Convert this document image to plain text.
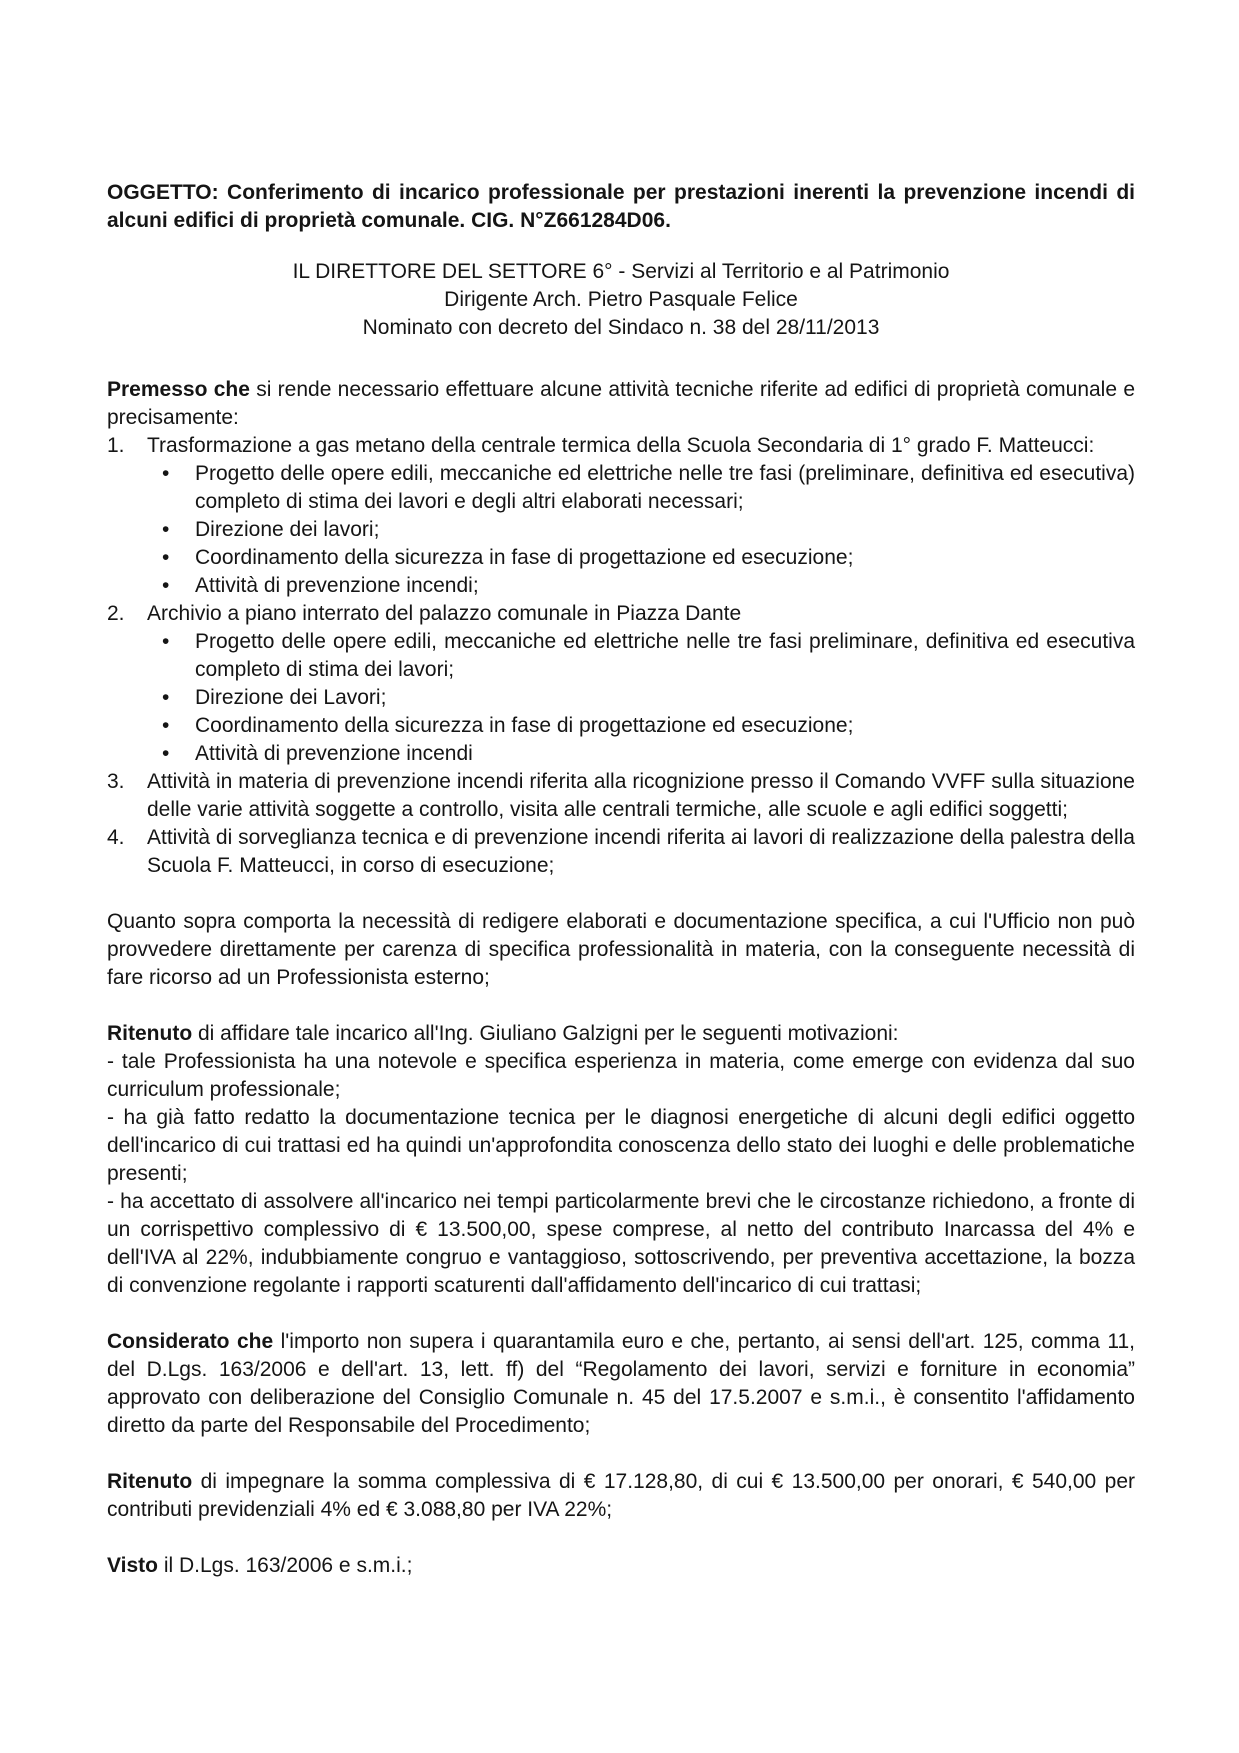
OGGETTO: Conferimento di incarico professionale per prestazioni inerenti la prevenzione incendi di alcuni edifici di proprietà comunale. CIG. N°Z661284D06.

IL DIRETTORE DEL SETTORE 6° - Servizi al Territorio e al Patrimonio
Dirigente Arch. Pietro Pasquale Felice
Nominato con decreto del Sindaco n. 38 del 28/11/2013

Premesso che si rende necessario effettuare alcune attività tecniche riferite ad edifici di proprietà comunale e precisamente:

1.	Trasformazione a gas metano della centrale termica della Scuola Secondaria di 1° grado F. Matteucci:
•	Progetto delle opere edili, meccaniche ed elettriche nelle tre fasi (preliminare, definitiva ed esecutiva) completo di stima dei lavori e degli altri elaborati necessari;
•	Direzione dei lavori;
•	Coordinamento della sicurezza in fase di progettazione ed esecuzione;
•	Attività di prevenzione incendi;
2.	Archivio a piano interrato del palazzo comunale in Piazza Dante
•	Progetto delle opere edili, meccaniche ed elettriche nelle tre fasi preliminare, definitiva ed esecutiva completo di stima dei lavori;
•	Direzione dei Lavori;
•	Coordinamento della sicurezza in fase di progettazione ed esecuzione;
•	Attività di prevenzione incendi
3.	Attività in materia di prevenzione incendi riferita alla ricognizione presso il Comando VVFF sulla situazione delle varie attività soggette a controllo, visita alle centrali termiche, alle scuole e agli edifici soggetti;
4.	Attività di sorveglianza tecnica e di prevenzione incendi riferita ai lavori di realizzazione della palestra della Scuola F. Matteucci, in corso di esecuzione;

Quanto sopra comporta la necessità di redigere elaborati e documentazione specifica, a cui l'Ufficio non può provvedere direttamente per carenza di specifica professionalità in materia, con la conseguente necessità di fare ricorso ad un Professionista esterno;

Ritenuto di affidare tale incarico all'Ing. Giuliano Galzigni per le seguenti motivazioni:

- tale Professionista ha una notevole e specifica esperienza in materia, come emerge con evidenza dal suo curriculum professionale;

- ha già fatto redatto la documentazione tecnica per le diagnosi energetiche di alcuni degli edifici oggetto dell'incarico di cui trattasi ed ha quindi un'approfondita conoscenza dello stato dei luoghi e delle problematiche presenti;

- ha accettato di assolvere all'incarico nei tempi particolarmente brevi che le circostanze richiedono, a fronte di un corrispettivo complessivo di € 13.500,00, spese comprese, al netto del contributo Inarcassa del 4% e dell'IVA al 22%, indubbiamente congruo e vantaggioso, sottoscrivendo, per preventiva accettazione, la bozza di convenzione regolante i rapporti scaturenti dall'affidamento dell'incarico di cui trattasi;

Considerato che l'importo non supera i quarantamila euro e che, pertanto, ai sensi dell'art. 125, comma 11, del D.Lgs. 163/2006 e dell'art. 13, lett. ff) del “Regolamento dei lavori, servizi e forniture in economia” approvato con deliberazione del Consiglio Comunale n. 45 del 17.5.2007 e s.m.i., è consentito l'affidamento diretto da parte del Responsabile del Procedimento;

Ritenuto di impegnare la somma complessiva di € 17.128,80, di cui € 13.500,00 per onorari, € 540,00 per contributi previdenziali 4% ed € 3.088,80 per IVA 22%;

Visto il D.Lgs. 163/2006 e s.m.i.;
